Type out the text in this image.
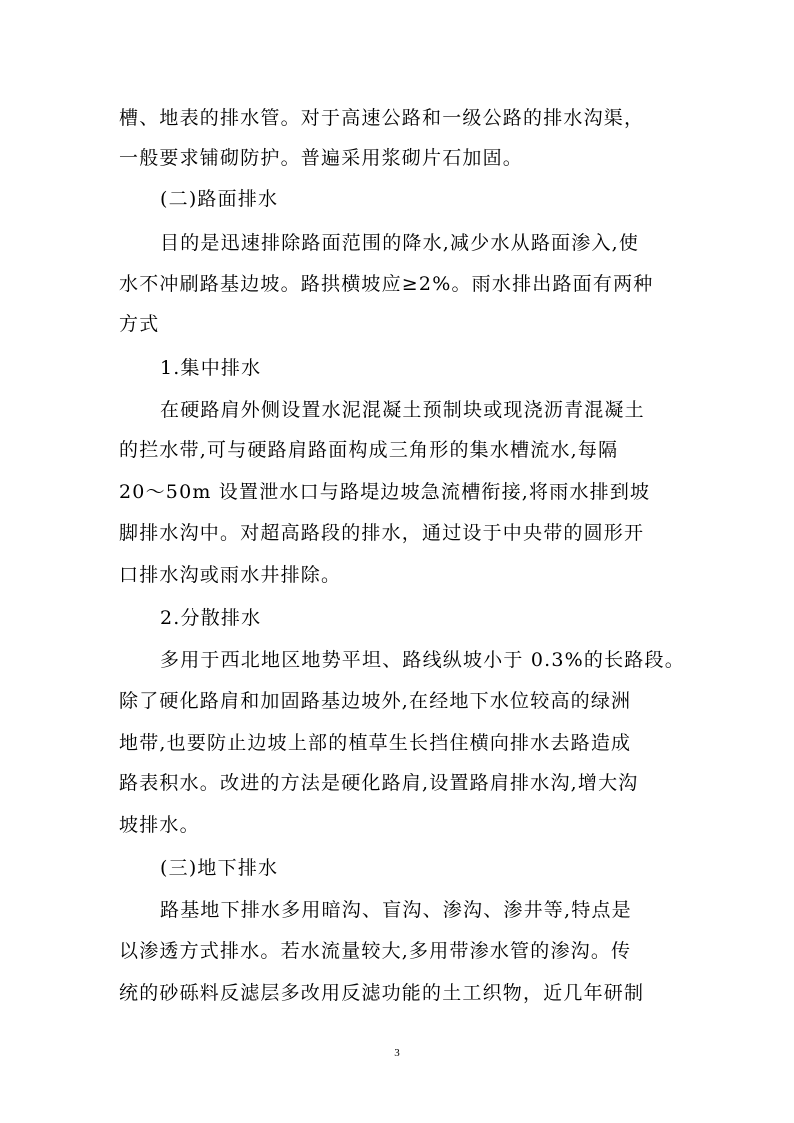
槽、地表的排水管。对于高速公路和一级公路的排水沟渠，
一般要求铺砌防护。普遍采用浆砌片石加固。
(二)路面排水
目的是迅速排除路面范围的降水,减少水从路面渗入,使
水不冲刷路基边坡。路拱横坡应≥2%。雨水排出路面有两种
方式
1.集中排水
在硬路肩外侧设置水泥混凝土预制块或现浇沥青混凝土
的拦水带,可与硬路肩路面构成三角形的集水槽流水,每隔
20～50m 设置泄水口与路堤边坡急流槽衔接,将雨水排到坡
脚排水沟中。对超高路段的排水，通过设于中央带的圆形开
口排水沟或雨水井排除。
2.分散排水
多用于西北地区地势平坦、路线纵坡小于 0.3%的长路段。
除了硬化路肩和加固路基边坡外,在经地下水位较高的绿洲
地带,也要防止边坡上部的植草生长挡住横向排水去路造成
路表积水。改进的方法是硬化路肩,设置路肩排水沟,增大沟
坡排水。
(三)地下排水
路基地下排水多用暗沟、盲沟、渗沟、渗井等,特点是
以渗透方式排水。若水流量较大,多用带渗水管的渗沟。传
统的砂砾料反滤层多改用反滤功能的土工织物，近几年研制
3
